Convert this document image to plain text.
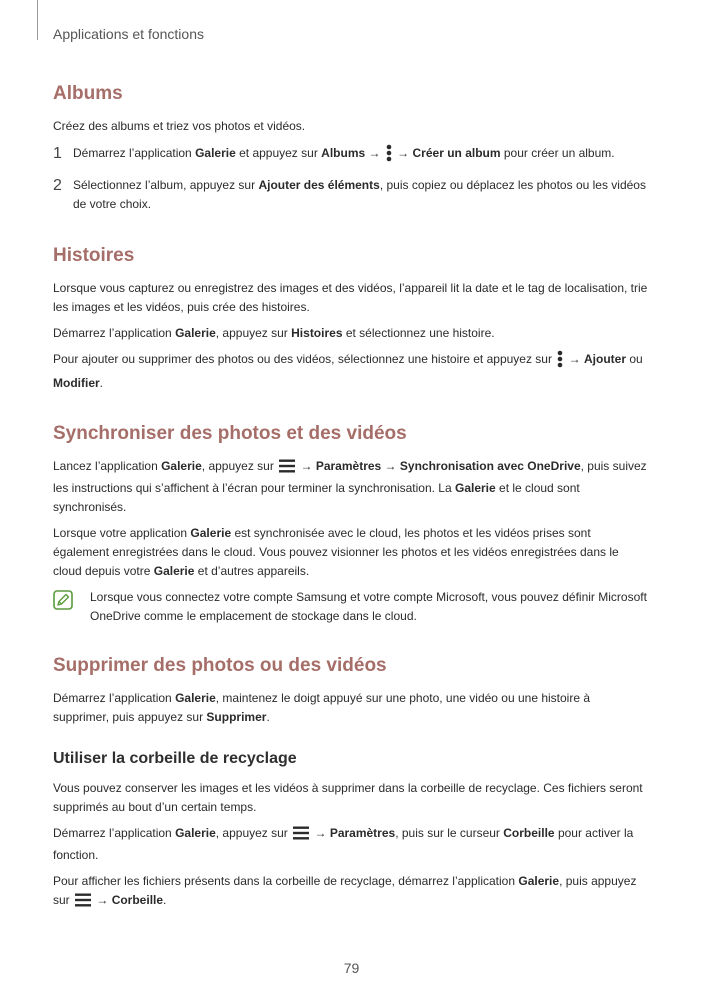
Applications et fonctions
Albums

Créez des albums et triez vos photos et vidéos.

1 Démarrez l’application Galerie et appuyez sur Albums →  → Créer un album pour créer un album.
2 Sélectionnez l’album, appuyez sur Ajouter des éléments, puis copiez ou déplacez les photos ou les vidéos de votre choix.
Histoires

Lorsque vous capturez ou enregistrez des images et des vidéos, l’appareil lit la date et le tag de localisation, trie les images et les vidéos, puis crée des histoires.

Démarrez l’application Galerie, appuyez sur Histoires et sélectionnez une histoire.

Pour ajouter ou supprimer des photos ou des vidéos, sélectionnez une histoire et appuyez sur  → Ajouter ou Modifier.

Synchroniser des photos et des vidéos

Lancez l’application Galerie, appuyez sur  → Paramètres → Synchronisation avec OneDrive, puis suivez les instructions qui s’affichent à l’écran pour terminer la synchronisation. La Galerie et le cloud sont synchronisés.

Lorsque votre application Galerie est synchronisée avec le cloud, les photos et les vidéos prises sont également enregistrées dans le cloud. Vous pouvez visionner les photos et les vidéos enregistrées dans le cloud depuis votre Galerie et d’autres appareils.

Lorsque vous connectez votre compte Samsung et votre compte Microsoft, vous pouvez définir Microsoft OneDrive comme le emplacement de stockage dans le cloud.
Supprimer des photos ou des vidéos

Démarrez l’application Galerie, maintenez le doigt appuyé sur une photo, une vidéo ou une histoire à supprimer, puis appuyez sur Supprimer.

Utiliser la corbeille de recyclage

Vous pouvez conserver les images et les vidéos à supprimer dans la corbeille de recyclage. Ces fichiers seront supprimés au bout d’un certain temps.

Démarrez l’application Galerie, appuyez sur  → Paramètres, puis sur le curseur Corbeille pour activer la fonction.

Pour afficher les fichiers présents dans la corbeille de recyclage, démarrez l’application Galerie, puis appuyez sur  → Corbeille.

79
